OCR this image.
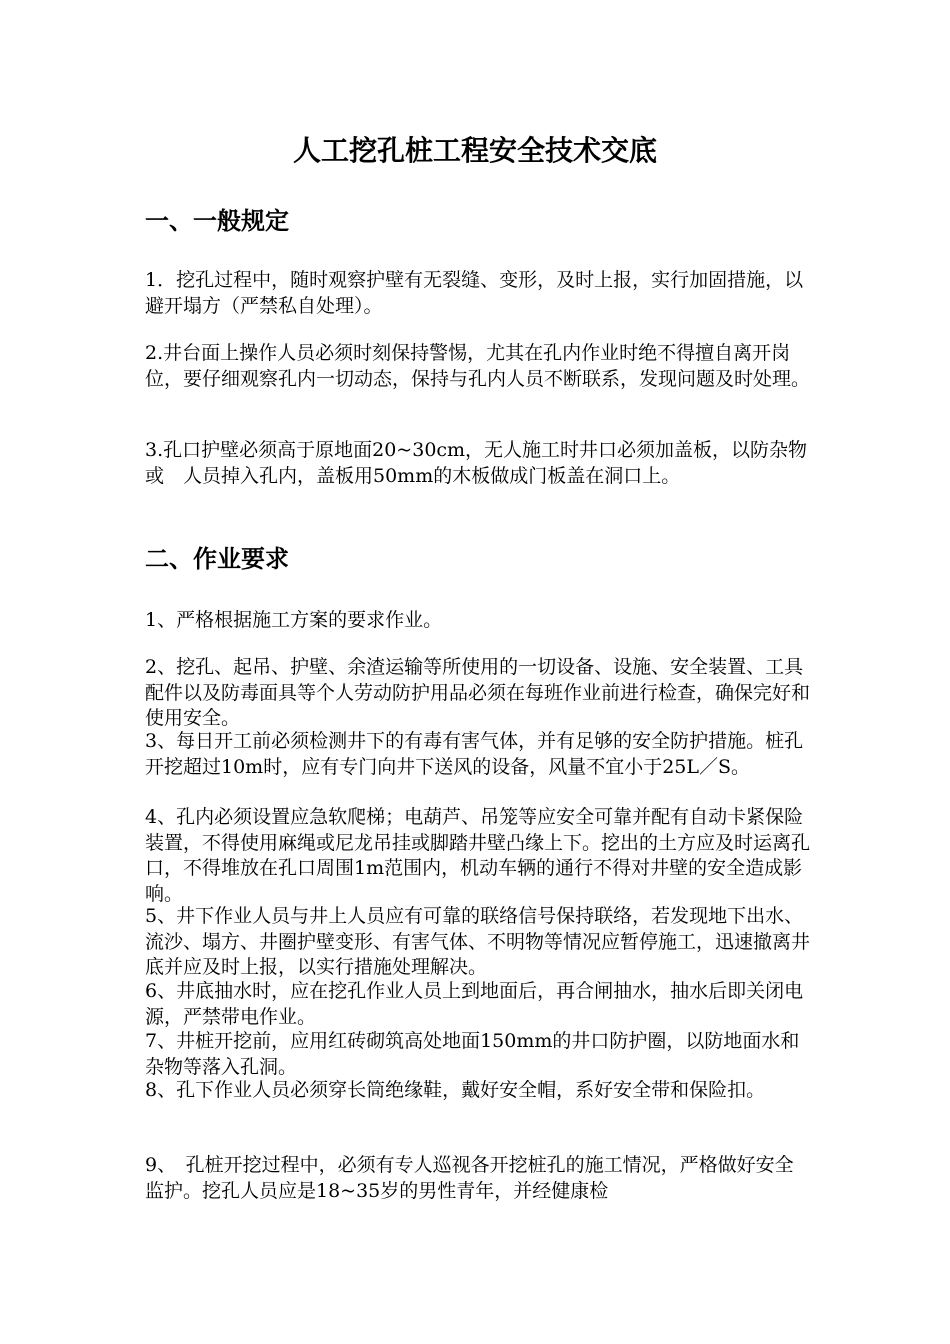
人工挖孔桩工程安全技术交底
一、一般规定

1．挖孔过程中，随时观察护壁有无裂缝、变形，及时上报，实行加固措施，以避开塌方（严禁私自处理）。

2.井台面上操作人员必须时刻保持警惕，尤其在孔内作业时绝不得擅自离开岗位，要仔细观察孔内一切动态，保持与孔内人员不断联系，发现问题及时处理。

3.孔口护壁必须高于原地面20~30cm，无人施工时井口必须加盖板，以防杂物或　人员掉入孔内，盖板用50mm的木板做成门板盖在洞口上。

二、作业要求

1、严格根据施工方案的要求作业。

2、挖孔、起吊、护壁、余渣运输等所使用的一切设备、设施、安全装置、工具配件以及防毒面具等个人劳动防护用品必须在每班作业前进行检查，确保完好和使用安全。

3、每日开工前必须检测井下的有毒有害气体，并有足够的安全防护措施。桩孔开挖超过10m时，应有专门向井下送风的设备，风量不宜小于25L／S。

4、孔内必须设置应急软爬梯；电葫芦、吊笼等应安全可靠并配有自动卡紧保险装置，不得使用麻绳或尼龙吊挂或脚踏井壁凸缘上下。挖出的土方应及时运离孔口，不得堆放在孔口周围1m范围内，机动车辆的通行不得对井壁的安全造成影响。

5、井下作业人员与井上人员应有可靠的联络信号保持联络，若发现地下出水、流沙、塌方、井圈护壁变形、有害气体、不明物等情况应暂停施工，迅速撤离井底并应及时上报，以实行措施处理解决。

6、井底抽水时，应在挖孔作业人员上到地面后，再合闸抽水，抽水后即关闭电源，严禁带电作业。

7、井桩开挖前，应用红砖砌筑高处地面150mm的井口防护圈，以防地面水和杂物等落入孔洞。

8、孔下作业人员必须穿长筒绝缘鞋，戴好安全帽，系好安全带和保险扣。

9、　孔桩开挖过程中，必须有专人巡视各开挖桩孔的施工情况，严格做好安全监护。挖孔人员应是18~35岁的男性青年，并经健康检
